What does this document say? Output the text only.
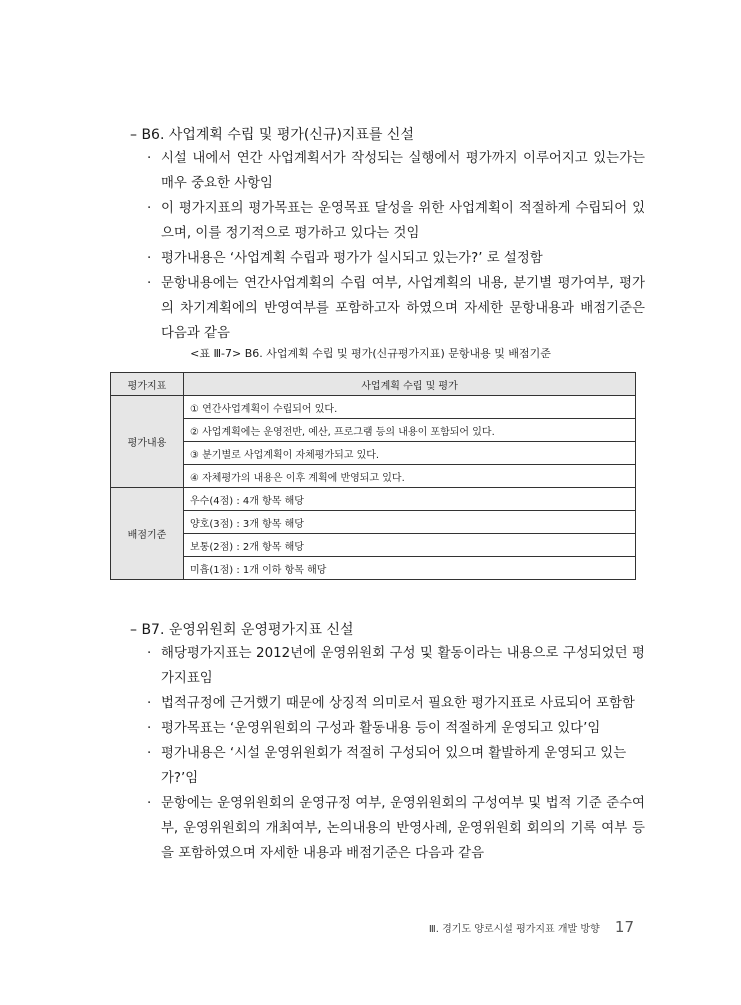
– B6. 사업계획 수립 및 평가(신규)지표를 신설
· 시설 내에서 연간 사업계획서가 작성되는 실행에서 평가까지 이루어지고 있는가는 매우 중요한 사항임
· 이 평가지표의 평가목표는 운영목표 달성을 위한 사업계획이 적절하게 수립되어 있으며, 이를 정기적으로 평가하고 있다는 것임
· 평가내용은 ‘사업계획 수립과 평가가 실시되고 있는가?’ 로 설정함
· 문항내용에는 연간사업계획의 수립 여부, 사업계획의 내용, 분기별 평가여부, 평가의 차기계획에의 반영여부를 포함하고자 하였으며 자세한 문항내용과 배점기준은 다음과 같음
<표 Ⅲ-7> B6. 사업계획 수립 및 평가(신규평가지표) 문항내용 및 배점기준
평가지표	사업계획 수립 및 평가
평가내용	① 연간사업계획이 수립되어 있다.
	② 사업계획에는 운영전반, 예산, 프로그램 등의 내용이 포함되어 있다.
	③ 분기별로 사업계획이 자체평가되고 있다.
	④ 자체평가의 내용은 이후 계획에 반영되고 있다.
배점기준	우수(4점) : 4개 항목 해당
	양호(3점) : 3개 항목 해당
	보통(2점) : 2개 항목 해당
	미흡(1점) : 1개 이하 항목 해당
– B7. 운영위원회 운영평가지표 신설
· 해당평가지표는 2012년에 운영위원회 구성 및 활동이라는 내용으로 구성되었던 평가지표임
· 법적규정에 근거했기 때문에 상징적 의미로서 필요한 평가지표로 사료되어 포함함
· 평가목표는 ‘운영위원회의 구성과 활동내용 등이 적절하게 운영되고 있다’임
· 평가내용은 ‘시설 운영위원회가 적절히 구성되어 있으며 활발하게 운영되고 있는가?’임
· 문항에는 운영위원회의 운영규정 여부, 운영위원회의 구성여부 및 법적 기준 준수여부, 운영위원회의 개최여부, 논의내용의 반영사례, 운영위원회 회의의 기록 여부 등을 포함하였으며 자세한 내용과 배점기준은 다음과 같음
Ⅲ. 경기도 양로시설 평가지표 개발 방향 17
